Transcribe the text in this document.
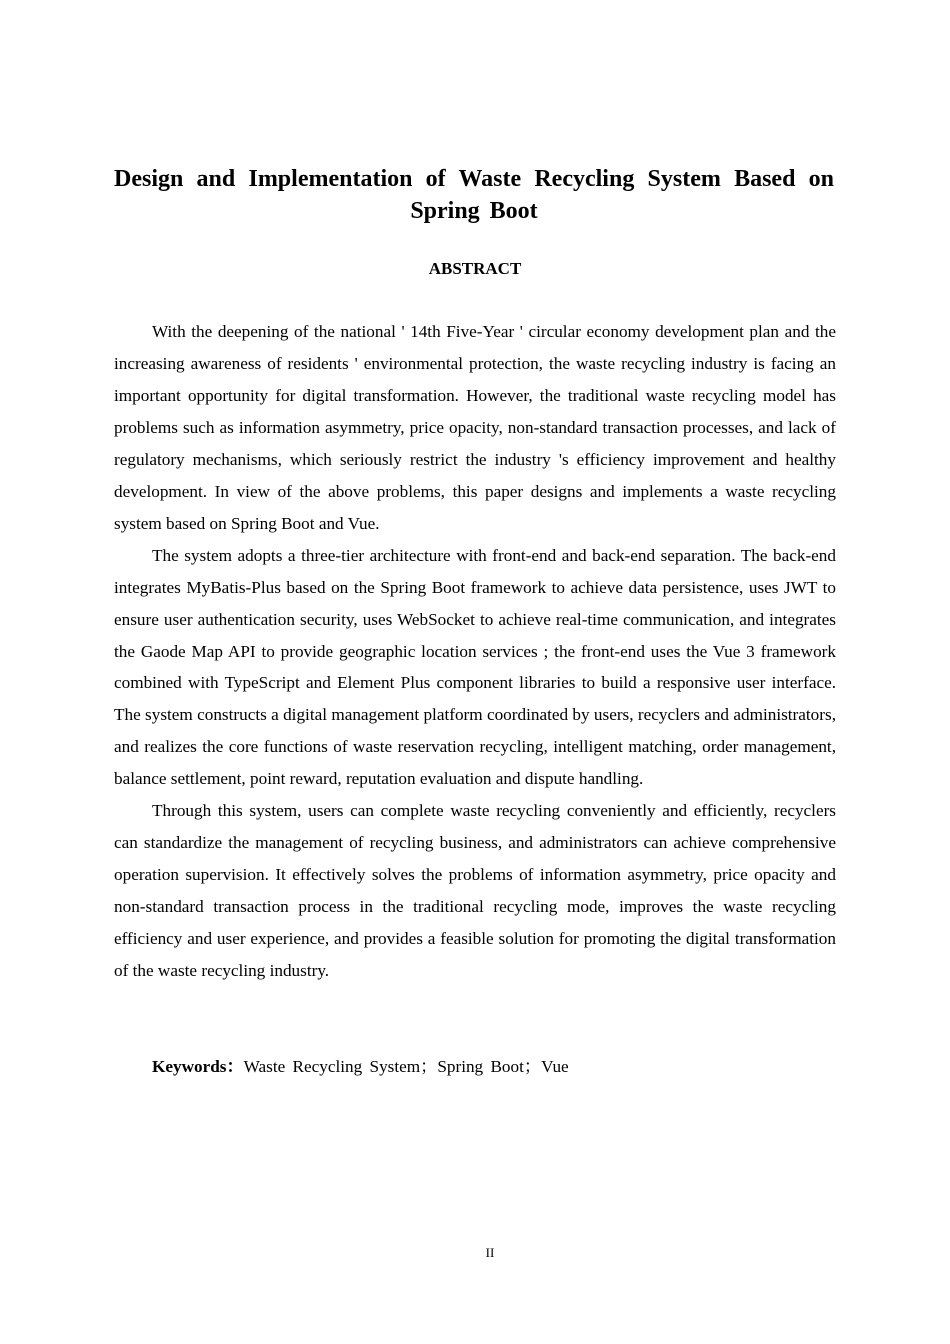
Design and Implementation of Waste Recycling System Based on Spring Boot
ABSTRACT

With the deepening of the national ' 14th Five-Year ' circular economy development plan and the increasing awareness of residents ' environmental protection, the waste recycling industry is facing an important opportunity for digital transformation. However, the traditional waste recycling model has problems such as information asymmetry, price opacity, non-standard transaction processes, and lack of regulatory mechanisms, which seriously restrict the industry 's efficiency improvement and healthy development. In view of the above problems, this paper designs and implements a waste recycling system based on Spring Boot and Vue.

The system adopts a three-tier architecture with front-end and back-end separation. The back-end integrates MyBatis-Plus based on the Spring Boot framework to achieve data persistence, uses JWT to ensure user authentication security, uses WebSocket to achieve real-time communication, and integrates the Gaode Map API to provide geographic location services ; the front-end uses the Vue 3 framework combined with TypeScript and Element Plus component libraries to build a responsive user interface. The system constructs a digital management platform coordinated by users, recyclers and administrators, and realizes the core functions of waste reservation recycling, intelligent matching, order management, balance settlement, point reward, reputation evaluation and dispute handling.

Through this system, users can complete waste recycling conveniently and efficiently, recyclers can standardize the management of recycling business, and administrators can achieve comprehensive operation supervision. It effectively solves the problems of information asymmetry, price opacity and non-standard transaction process in the traditional recycling mode, improves the waste recycling efficiency and user experience, and provides a feasible solution for promoting the digital transformation of the waste recycling industry.

Keywords：Waste Recycling System；Spring Boot；Vue
II
